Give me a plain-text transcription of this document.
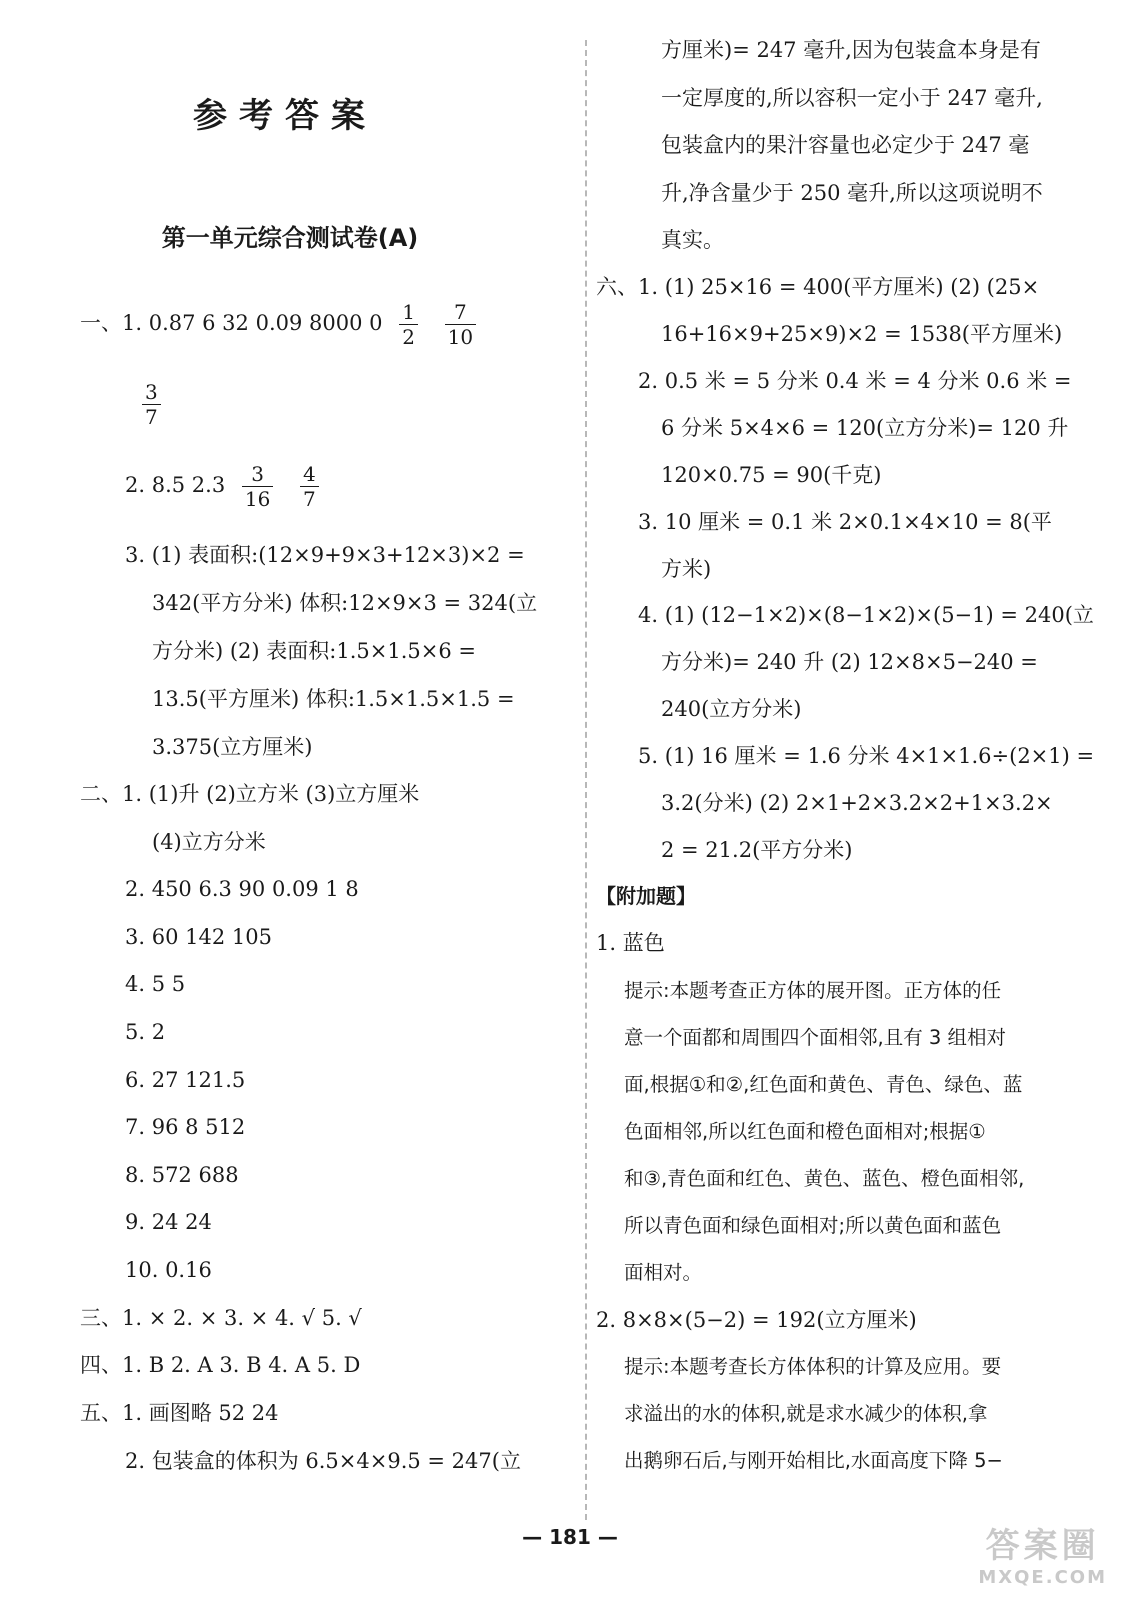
参考答案
第一单元综合测试卷(A)
一、1. 0.87 6 32 0.09 8000 $0 \frac{1}{2}$
$\frac{7}{10}$
$\frac{3}{7}$
2. 8.5 $2.3 \frac{3}{16}$
$\frac{4}{7}$
3. (1) 表面积:(12×9+9×3+12×3)×2 =
342(平方分米) 体积:12×9×3 = 324(立
方分米) (2) 表面积:1.5×1.5×6 =
13.5(平方厘米) 体积:1.5×1.5×1.5 =
3.375(立方厘米)
二、1. (1)升 (2)立方米 (3)立方厘米
(4)立方分米
2. 450 6.3 90 0.09 1 8
3. 60 142 105
4. 5 5
5. 2
6. 27 121.5
7. 96 8 512
8. 572 688
9. 24 24
10. 0.16
三、1. × 2. × 3. × 4. √ 5. √
四、1. B 2. A 3. B 4. A 5. D
五、1. 画图略 52 24
2. 包装盒的体积为 6.5×4×9.5 = 247(立
方厘米)= 247 毫升,因为包装盒本身是有
一定厚度的,所以容积一定小于 247 毫升,
包装盒内的果汁容量也必定少于 247 毫
升,净含量少于 250 毫升,所以这项说明不
真实。
六、1. (1) 25×16 = 400(平方厘米) (2) (25×
16+16×9+25×9)×2 = 1538(平方厘米)
2. 0.5 米 = 5 分米 0.4 米 = 4 分米 0.6 米 =
6 分米 5×4×6 = 120(立方分米)= 120 升
120×0.75 = 90(千克)
3. 10 厘米 = 0.1 米 2×0.1×4×10 = 8(平
方米)
4. (1) (12−1×2)×(8−1×2)×(5−1) = 240(立
方分米)= 240 升 (2) 12×8×5−240 =
240(立方分米)
5. (1) 16 厘米 = 1.6 分米 4×1×1.6÷(2×1) =
3.2(分米) (2) 2×1+2×3.2×2+1×3.2×
2 = 21.2(平方分米)
【附加题】
1. 蓝色
提示:本题考查正方体的展开图。正方体的任
意一个面都和周围四个面相邻,且有 3 组相对
面,根据①和②,红色面和黄色、青色、绿色、蓝
色面相邻,所以红色面和橙色面相对;根据①
和③,青色面和红色、黄色、蓝色、橙色面相邻,
所以青色面和绿色面相对;所以黄色面和蓝色
面相对。
2. 8×8×(5−2) = 192(立方厘米)
提示:本题考查长方体体积的计算及应用。要
求溢出的水的体积,就是求水减少的体积,拿
出鹅卵石后,与刚开始相比,水面高度下降 5−
— 181 —	答案圈
MXQE.COM
